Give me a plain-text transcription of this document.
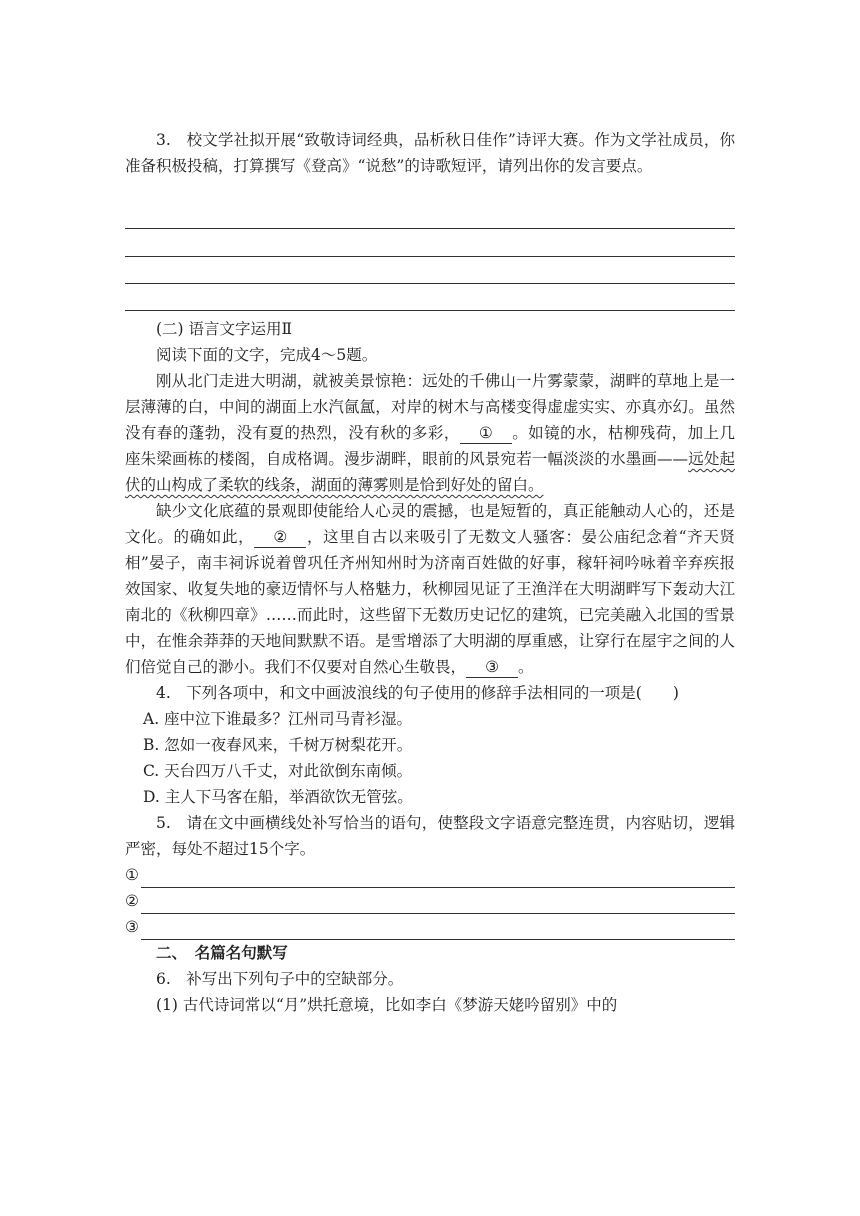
3.　校文学社拟开展“致敬诗词经典，品析秋日佳作”诗评大赛。作为文学社成员，你准备积极投稿，打算撰写《登高》“说愁”的诗歌短评，请列出你的发言要点。

(二) 语言文字运用Ⅱ

阅读下面的文字，完成4～5题。

刚从北门走进大明湖，就被美景惊艳：远处的千佛山一片雾蒙蒙，湖畔的草地上是一层薄薄的白，中间的湖面上水汽氤氲，对岸的树木与高楼变得虚虚实实、亦真亦幻。虽然没有春的蓬勃，没有夏的热烈，没有秋的多彩， ① 。如镜的水，枯柳残荷，加上几座朱梁画栋的楼阁，自成格调。漫步湖畔，眼前的风景宛若一幅淡淡的水墨画——远处起伏的山构成了柔软的线条，湖面的薄雾则是恰到好处的留白。

缺少文化底蕴的景观即使能给人心灵的震撼，也是短暂的，真正能触动人心的，还是文化。的确如此， ② ，这里自古以来吸引了无数文人骚客：晏公庙纪念着“齐天贤相”晏子，南丰祠诉说着曾巩任齐州知州时为济南百姓做的好事，稼轩祠吟咏着辛弃疾报效国家、收复失地的豪迈情怀与人格魅力，秋柳园见证了王渔洋在大明湖畔写下轰动大江南北的《秋柳四章》……而此时，这些留下无数历史记忆的建筑，已完美融入北国的雪景中，在惟余莽莽的天地间默默不语。是雪增添了大明湖的厚重感，让穿行在屋宇之间的人们倍觉自己的渺小。我们不仅要对自然心生敬畏， ③ 。

4.　下列各项中，和文中画波浪线的句子使用的修辞手法相同的一项是(　　)

A. 座中泣下谁最多？江州司马青衫湿。

B. 忽如一夜春风来，千树万树梨花开。

C. 天台四万八千丈，对此欲倒东南倾。

D. 主人下马客在船，举酒欲饮无管弦。

5.　请在文中画横线处补写恰当的语句，使整段文字语意完整连贯，内容贴切，逻辑严密，每处不超过15个字。

①
②
③

二、　名篇名句默写

6.　补写出下列句子中的空缺部分。

(1) 古代诗词常以“月”烘托意境，比如李白《梦游天姥吟留别》中的
